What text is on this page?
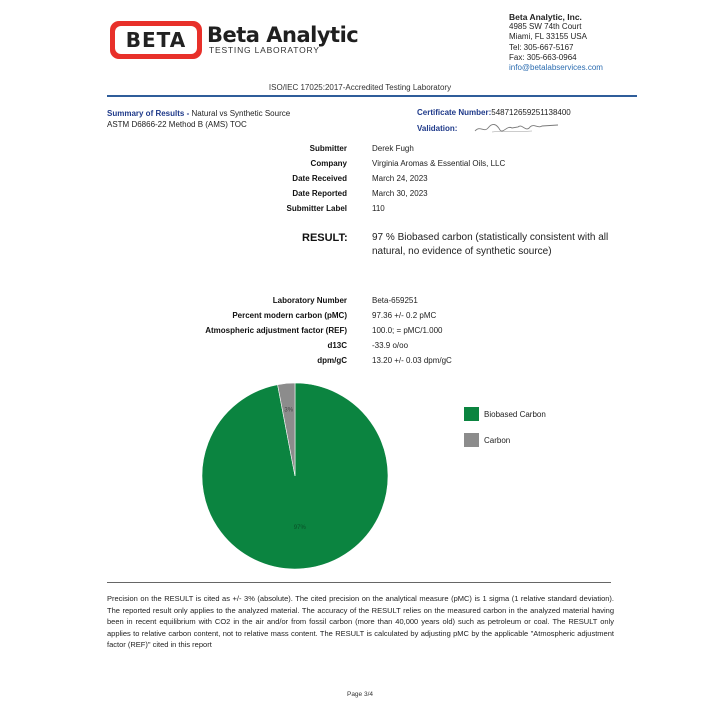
BETA Beta Analytic
TESTING LABORATORY
Beta Analytic, Inc.
4985 SW 74th Court
Miami, FL 33155 USA
Tel: 305-667-5167
Fax: 305-663-0964
info@betalabservices.com
ISO/IEC 17025:2017-Accredited Testing Laboratory
Summary of Results - Natural vs Synthetic Source
ASTM D6866-22 Method B (AMS) TOC
Certificate Number:548712659251138400
Validation:
Submitter	Derek Fugh
Company	Virginia Aromas & Essential Oils, LLC
Date Received	March 24, 2023
Date Reported	March 30, 2023
Submitter Label	110
RESULT: 97 % Biobased carbon (statistically consistent with all natural, no evidence of synthetic source)
Laboratory Number	Beta-659251
Percent modern carbon (pMC)	97.36 +/- 0.2 pMC
Atmospheric adjustment factor (REF)	100.0; = pMC/1.000
d13C	-33.9 o/oo
dpm/gC	13.20 +/- 0.03 dpm/gC
97%
3%	Biobased Carbon
Carbon
Precision on the RESULT is cited as +/- 3% (absolute). The cited precision on the analytical measure (pMC) is 1 sigma (1 relative standard deviation). The reported result only applies to the analyzed material. The accuracy of the RESULT relies on the measured carbon in the analyzed material having been in recent equilibrium with CO2 in the air and/or from fossil carbon (more than 40,000 years old) such as petroleum or coal. The RESULT only applies to relative carbon content, not to relative mass content. The RESULT is calculated by adjusting pMC by the applicable "Atmospheric adjustment factor (REF)" cited in this report
Page 3/4
